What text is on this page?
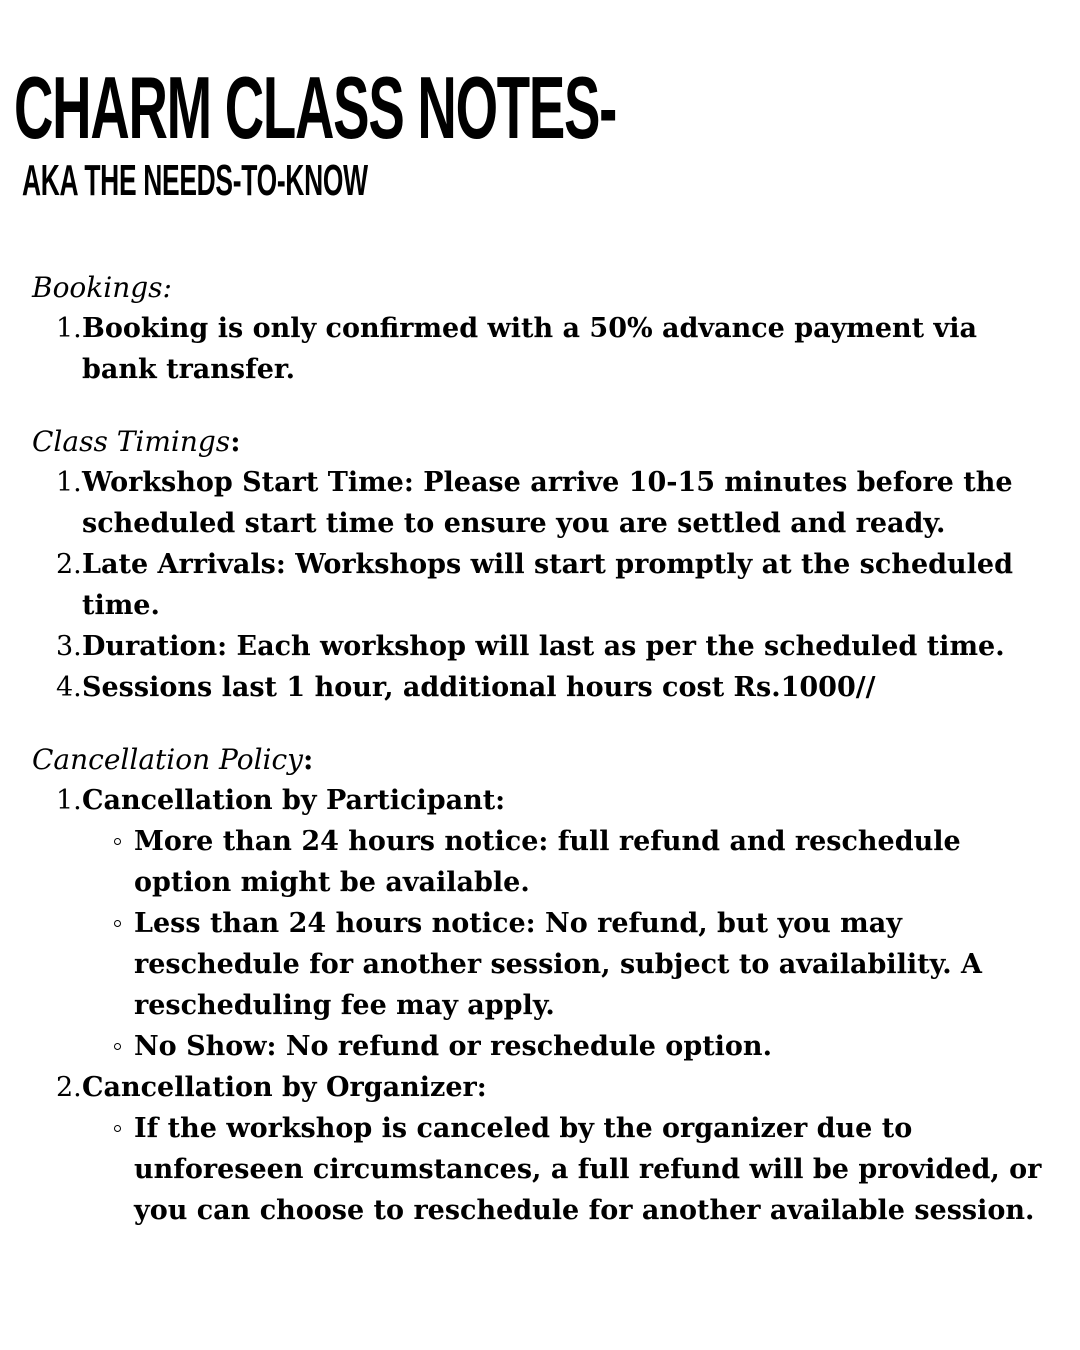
CHARM CLASS NOTES-
AKA THE NEEDS-TO-KNOW

Bookings:

1. Booking is only confirmed with a 50% advance payment via bank transfer.

Class Timings:

1. Workshop Start Time: Please arrive 10-15 minutes before the scheduled start time to ensure you are settled and ready.
2. Late Arrivals: Workshops will start promptly at the scheduled time.
3. Duration: Each workshop will last as per the scheduled time.
4. Sessions last 1 hour, additional hours cost Rs.1000//

Cancellation Policy:

1. Cancellation by Participant:
More than 24 hours notice: full refund and reschedule option might be available.
Less than 24 hours notice: No refund, but you may reschedule for another session, subject to availability. A rescheduling fee may apply.
No Show: No refund or reschedule option.
2. Cancellation by Organizer:
If the workshop is canceled by the organizer due to unforeseen circumstances, a full refund will be provided, or you can choose to reschedule for another available session.
